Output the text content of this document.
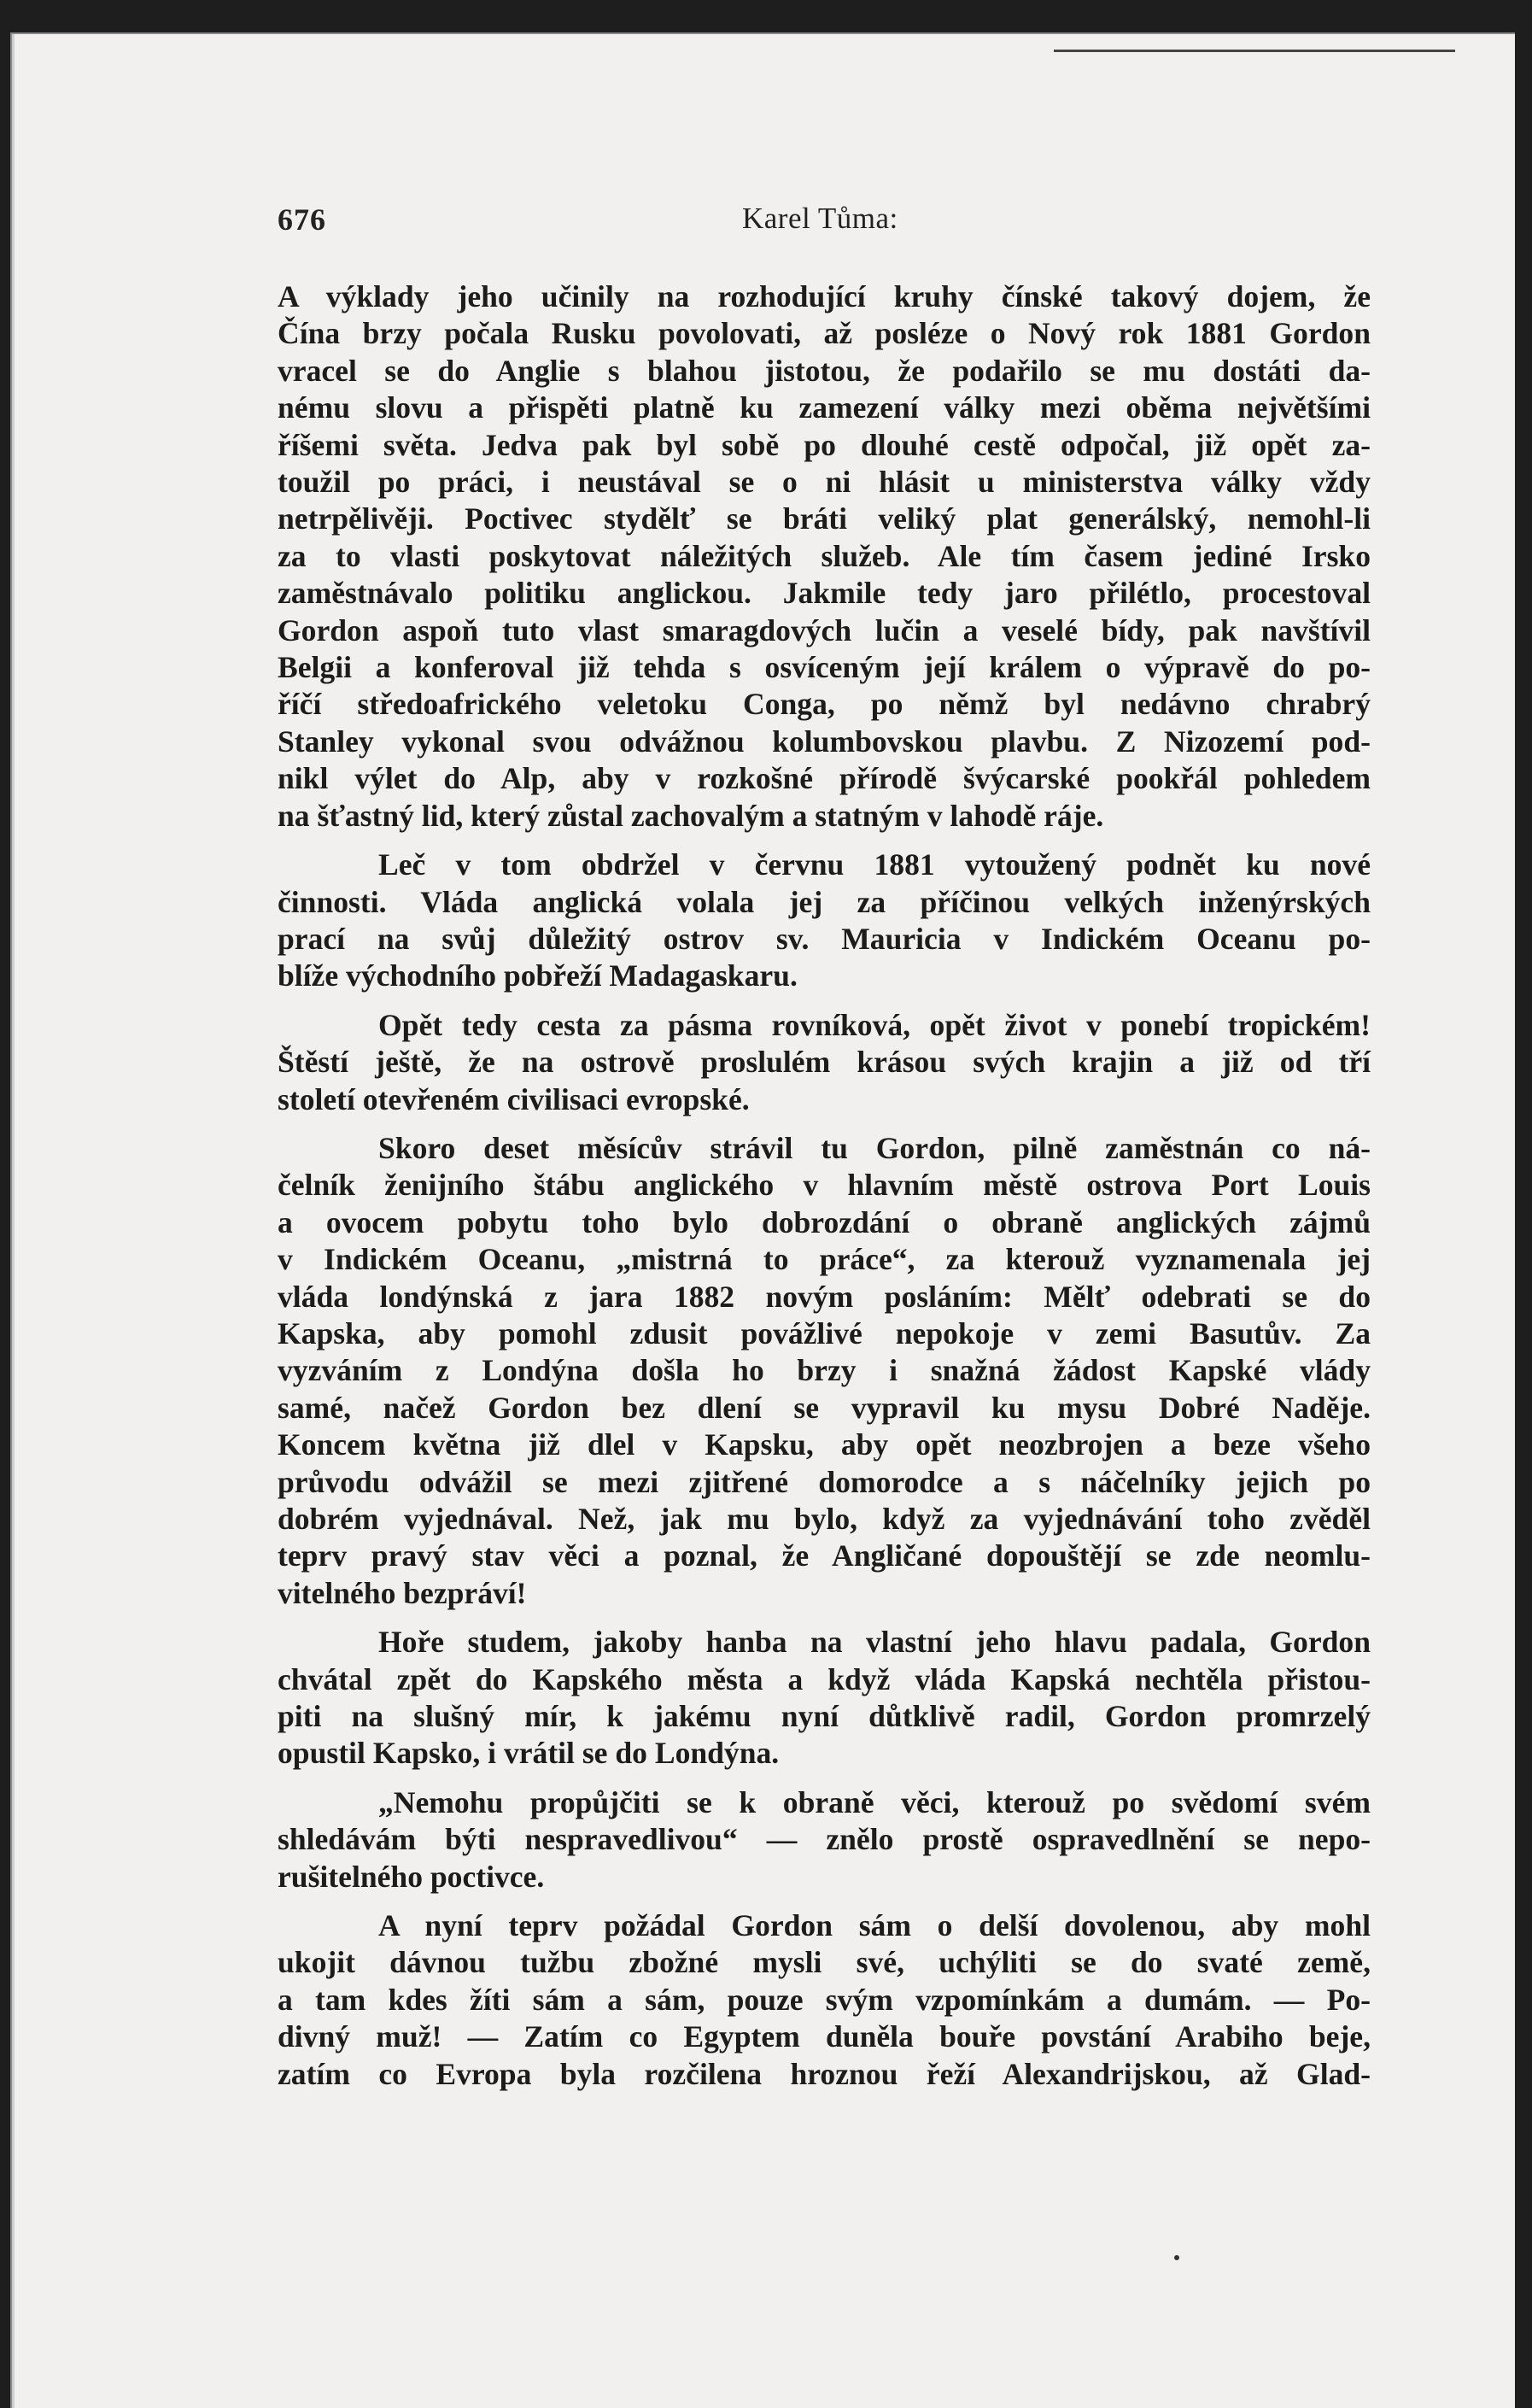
676	Karel Tůma:

A výklady jeho učinily na rozhodující kruhy čínské takový dojem, že
Čína brzy počala Rusku povolovati, až posléze o Nový rok 1881 Gordon
vracel se do Anglie s blahou jistotou, že podařilo se mu dostáti da-
nému slovu a přispěti platně ku zamezení války mezi oběma největšími
říšemi světa. Jedva pak byl sobě po dlouhé cestě odpočal, již opět za-
toužil po práci, i neustával se o ni hlásit u ministerstva války vždy
netrpělivěji. Poctivec stydělť se bráti veliký plat generálský, nemohl-li
za to vlasti poskytovat náležitých služeb. Ale tím časem jediné Irsko
zaměstnávalo politiku anglickou. Jakmile tedy jaro přilétlo, procestoval
Gordon aspoň tuto vlast smaragdových lučin a veselé bídy, pak navštívil
Belgii a konferoval již tehda s osvíceným její králem o výpravě do po-
říčí středoafrického veletoku Conga, po němž byl nedávno chrabrý
Stanley vykonal svou odvážnou kolumbovskou plavbu. Z Nizozemí pod-
nikl výlet do Alp, aby v rozkošné přírodě švýcarské pookřál pohledem
na šťastný lid, který zůstal zachovalým a statným v lahodě ráje.

Leč v tom obdržel v červnu 1881 vytoužený podnět ku nové
činnosti. Vláda anglická volala jej za příčinou velkých inženýrských
prací na svůj důležitý ostrov sv. Mauricia v Indickém Oceanu po-
blíže východního pobřeží Madagaskaru.

Opět tedy cesta za pásma rovníková, opět život v ponebí tropickém!
Štěstí ještě, že na ostrově proslulém krásou svých krajin a již od tří
století otevřeném civilisaci evropské.

Skoro deset měsícův strávil tu Gordon, pilně zaměstnán co ná-
čelník ženijního štábu anglického v hlavním městě ostrova Port Louis
a ovocem pobytu toho bylo dobrozdání o obraně anglických zájmů
v Indickém Oceanu, „mistrná to práce“, za kterouž vyznamenala jej
vláda londýnská z jara 1882 novým posláním: Mělť odebrati se do
Kapska, aby pomohl zdusit povážlivé nepokoje v zemi Basutův. Za
vyzváním z Londýna došla ho brzy i snažná žádost Kapské vlády
samé, načež Gordon bez dlení se vypravil ku mysu Dobré Naděje.
Koncem května již dlel v Kapsku, aby opět neozbrojen a beze všeho
průvodu odvážil se mezi zjitřené domorodce a s náčelníky jejich po
dobrém vyjednával. Než, jak mu bylo, když za vyjednávání toho zvěděl
teprv pravý stav věci a poznal, že Angličané dopouštějí se zde neomlu-
vitelného bezpráví!

Hoře studem, jakoby hanba na vlastní jeho hlavu padala, Gordon
chvátal zpět do Kapského města a když vláda Kapská nechtěla přistou-
piti na slušný mír, k jakému nyní důtklivě radil, Gordon promrzelý
opustil Kapsko, i vrátil se do Londýna.

„Nemohu propůjčiti se k obraně věci, kterouž po svědomí svém
shledávám býti nespravedlivou“ — znělo prostě ospravedlnění se nepo-
rušitelného poctivce.

A nyní teprv požádal Gordon sám o delší dovolenou, aby mohl
ukojit dávnou tužbu zbožné mysli své, uchýliti se do svaté země,
a tam kdes žíti sám a sám, pouze svým vzpomínkám a dumám. — Po-
divný muž! — Zatím co Egyptem duněla bouře povstání Arabiho beje,
zatím co Evropa byla rozčilena hroznou řeží Alexandrijskou, až Glad-
